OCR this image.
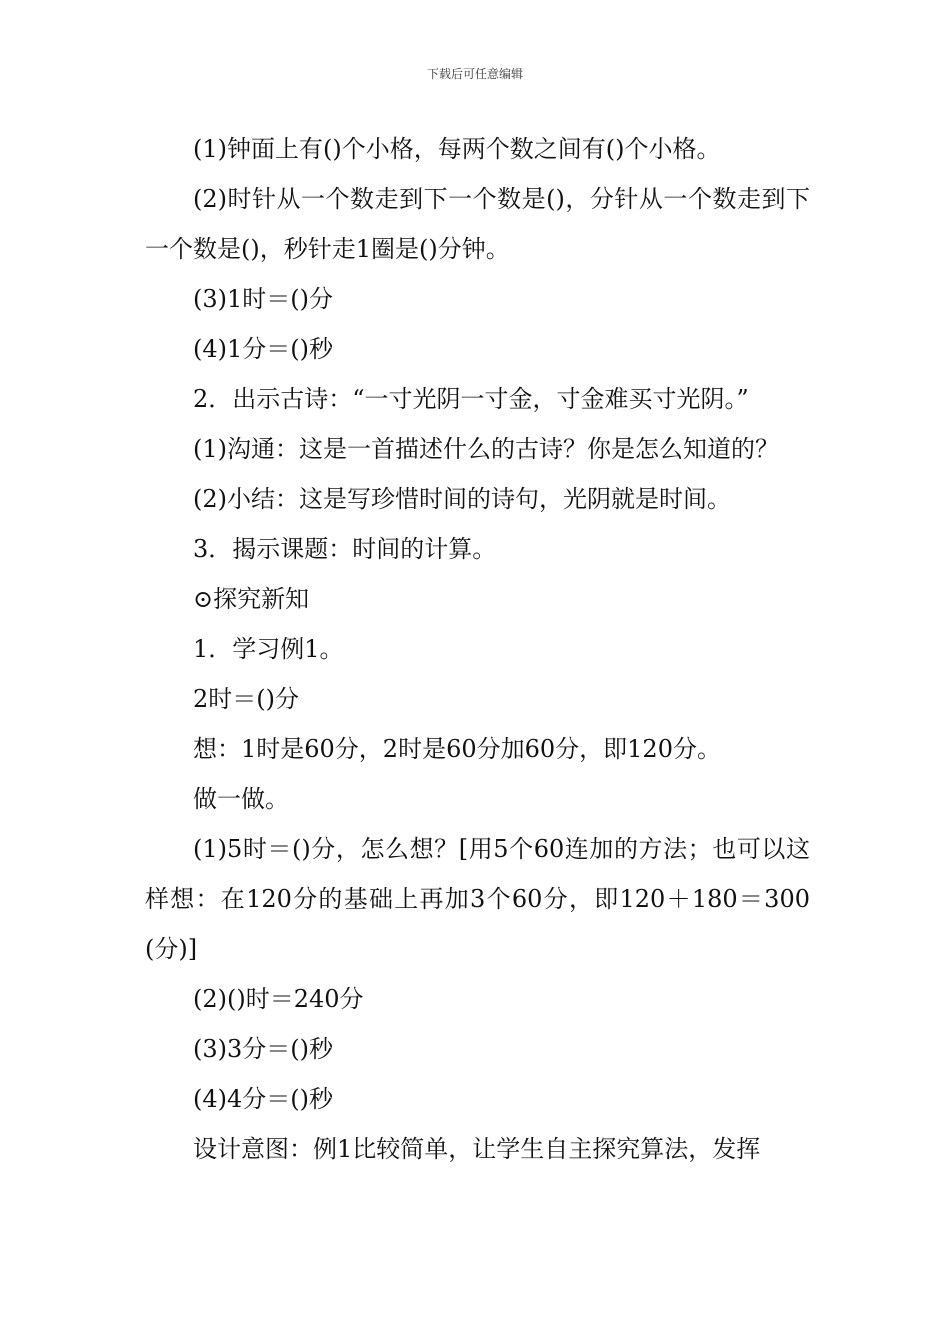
下载后可任意编辑

(1)钟面上有()个小格，每两个数之间有()个小格。

(2)时针从一个数走到下一个数是()，分针从一个数走到下一个数是()，秒针走1圈是()分钟。

(3)1时＝()分

(4)1分＝()秒

2．出示古诗：“一寸光阴一寸金，寸金难买寸光阴。”

(1)沟通：这是一首描述什么的古诗？你是怎么知道的？

(2)小结：这是写珍惜时间的诗句，光阴就是时间。

3．揭示课题：时间的计算。

⊙探究新知

1．学习例1。

2时＝()分

想：1时是60分，2时是60分加60分，即120分。

做一做。

(1)5时＝()分，怎么想？[用5个60连加的方法；也可以这样想：在120分的基础上再加3个60分，即120＋180＝300(分)]

(2)()时＝240分

(3)3分＝()秒

(4)4分＝()秒

设计意图：例1比较简单，让学生自主探究算法，发挥
